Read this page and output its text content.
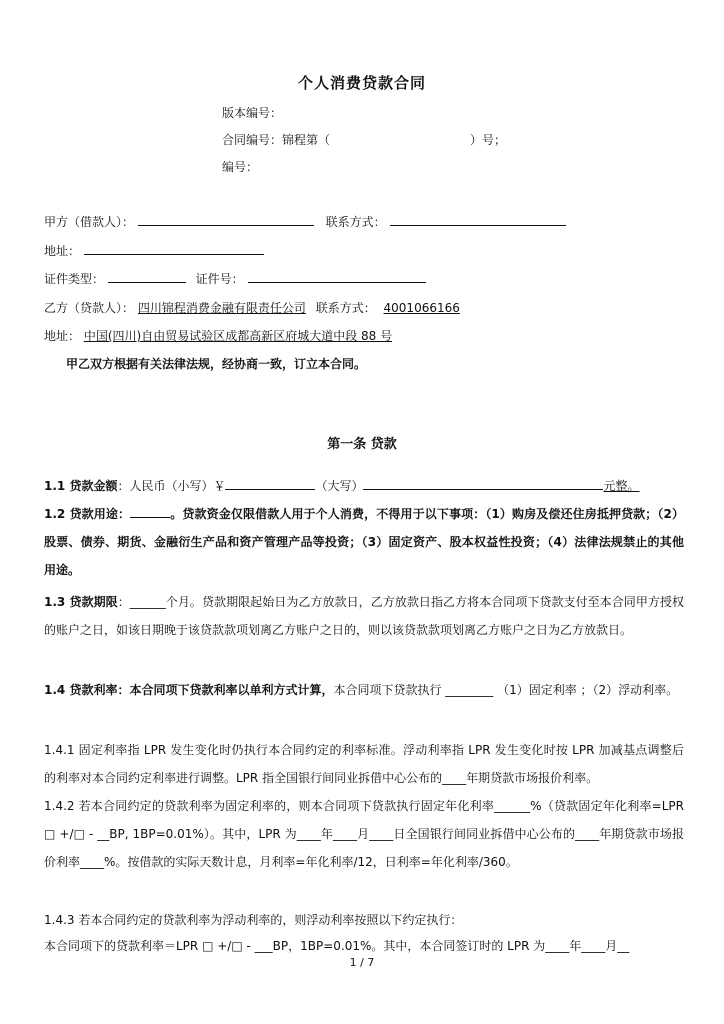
个人消费贷款合同
版本编号：
合同编号：锦程第（	）号；
编号：
甲方（借款人）：	联系方式：
地址：
证件类型：	证件号：
乙方（贷款人）： 四川锦程消费金融有限责任公司 联系方式： 4001066166
地址： 中国(四川)自由贸易试验区成都高新区府城大道中段 88 号
甲乙双方根据有关法律法规，经协商一致，订立本合同。
第一条 贷款
1.1 贷款金额：人民币（小写）￥	（大写）	元整。
1.2 贷款用途：	。贷款资金仅限借款人用于个人消费，不得用于以下事项：（1）购房及偿还住房抵押贷款；（2）股票、债券、期货、金融衍生产品和资产管理产品等投资；（3）固定资产、股本权益性投资；（4）法律法规禁止的其他用途。
1.3 贷款期限：______个月。贷款期限起始日为乙方放款日，乙方放款日指乙方将本合同项下贷款支付至本合同甲方授权的账户之日，如该日期晚于该贷款款项划离乙方账户之日的，则以该贷款款项划离乙方账户之日为乙方放款日。
1.4 贷款利率：本合同项下贷款利率以单利方式计算，本合同项下贷款执行 ________ （1）固定利率 ；（2）浮动利率。
1.4.1 固定利率指 LPR 发生变化时仍执行本合同约定的利率标准。浮动利率指 LPR 发生变化时按 LPR 加减基点调整后的利率对本合同约定利率进行调整。LPR 指全国银行间同业拆借中心公布的____年期贷款市场报价利率。
1.4.2 若本合同约定的贷款利率为固定利率的，则本合同项下贷款执行固定年化利率______%（贷款固定年化利率=LPR □ +/□ - __BP, 1BP=0.01%）。其中，LPR 为____年____月____日全国银行间同业拆借中心公布的____年期贷款市场报价利率____%。按借款的实际天数计息，月利率=年化利率/12，日利率=年化利率/360。
1.4.3 若本合同约定的贷款利率为浮动利率的，则浮动利率按照以下约定执行：
本合同项下的贷款利率＝LPR □ +/□ - ___BP，1BP=0.01%。其中，本合同签订时的 LPR 为____年____月__
1 / 7
